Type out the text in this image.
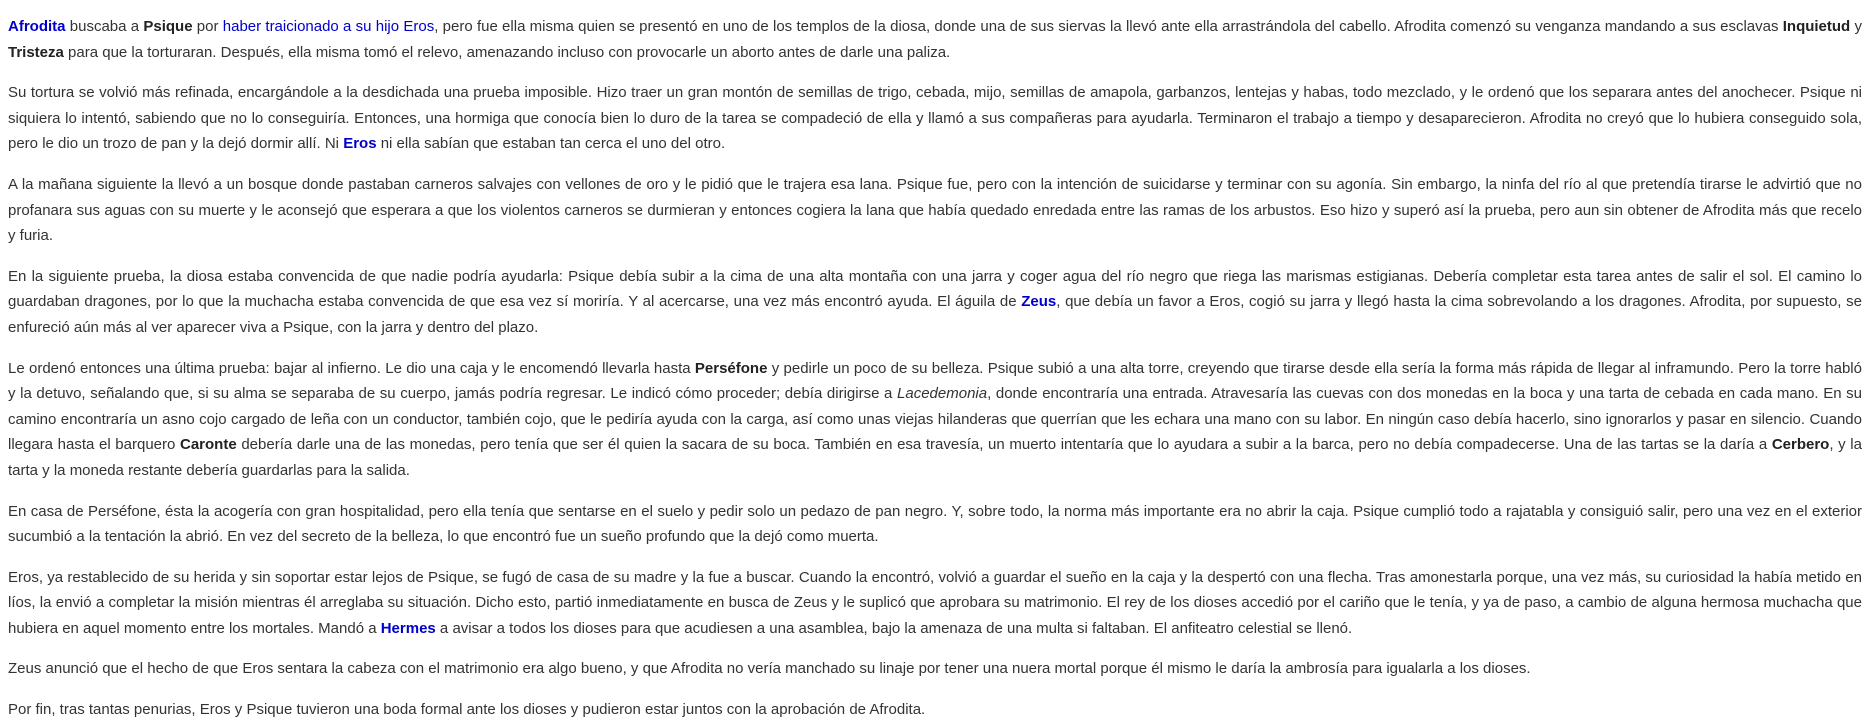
Afrodita buscaba a Psique por haber traicionado a su hijo Eros, pero fue ella misma quien se presentó en uno de los templos de la diosa, donde una de sus siervas la llevó ante ella arrastrándola del cabello. Afrodita comenzó su venganza mandando a sus esclavas Inquietud y Tristeza para que la torturaran. Después, ella misma tomó el relevo, amenazando incluso con provocarle un aborto antes de darle una paliza.

Su tortura se volvió más refinada, encargándole a la desdichada una prueba imposible. Hizo traer un gran montón de semillas de trigo, cebada, mijo, semillas de amapola, garbanzos, lentejas y habas, todo mezclado, y le ordenó que los separara antes del anochecer. Psique ni siquiera lo intentó, sabiendo que no lo conseguiría. Entonces, una hormiga que conocía bien lo duro de la tarea se compadeció de ella y llamó a sus compañeras para ayudarla. Terminaron el trabajo a tiempo y desaparecieron. Afrodita no creyó que lo hubiera conseguido sola, pero le dio un trozo de pan y la dejó dormir allí. Ni Eros ni ella sabían que estaban tan cerca el uno del otro.

A la mañana siguiente la llevó a un bosque donde pastaban carneros salvajes con vellones de oro y le pidió que le trajera esa lana. Psique fue, pero con la intención de suicidarse y terminar con su agonía. Sin embargo, la ninfa del río al que pretendía tirarse le advirtió que no profanara sus aguas con su muerte y le aconsejó que esperara a que los violentos carneros se durmieran y entonces cogiera la lana que había quedado enredada entre las ramas de los arbustos. Eso hizo y superó así la prueba, pero aun sin obtener de Afrodita más que recelo y furia.

En la siguiente prueba, la diosa estaba convencida de que nadie podría ayudarla: Psique debía subir a la cima de una alta montaña con una jarra y coger agua del río negro que riega las marismas estigianas. Debería completar esta tarea antes de salir el sol. El camino lo guardaban dragones, por lo que la muchacha estaba convencida de que esa vez sí moriría. Y al acercarse, una vez más encontró ayuda. El águila de Zeus, que debía un favor a Eros, cogió su jarra y llegó hasta la cima sobrevolando a los dragones. Afrodita, por supuesto, se enfureció aún más al ver aparecer viva a Psique, con la jarra y dentro del plazo.

Le ordenó entonces una última prueba: bajar al infierno. Le dio una caja y le encomendó llevarla hasta Perséfone y pedirle un poco de su belleza. Psique subió a una alta torre, creyendo que tirarse desde ella sería la forma más rápida de llegar al inframundo. Pero la torre habló y la detuvo, señalando que, si su alma se separaba de su cuerpo, jamás podría regresar. Le indicó cómo proceder; debía dirigirse a Lacedemonia, donde encontraría una entrada. Atravesaría las cuevas con dos monedas en la boca y una tarta de cebada en cada mano. En su camino encontraría un asno cojo cargado de leña con un conductor, también cojo, que le pediría ayuda con la carga, así como unas viejas hilanderas que querrían que les echara una mano con su labor. En ningún caso debía hacerlo, sino ignorarlos y pasar en silencio. Cuando llegara hasta el barquero Caronte debería darle una de las monedas, pero tenía que ser él quien la sacara de su boca. También en esa travesía, un muerto intentaría que lo ayudara a subir a la barca, pero no debía compadecerse. Una de las tartas se la daría a Cerbero, y la tarta y la moneda restante debería guardarlas para la salida.

En casa de Perséfone, ésta la acogería con gran hospitalidad, pero ella tenía que sentarse en el suelo y pedir solo un pedazo de pan negro. Y, sobre todo, la norma más importante era no abrir la caja. Psique cumplió todo a rajatabla y consiguió salir, pero una vez en el exterior sucumbió a la tentación la abrió. En vez del secreto de la belleza, lo que encontró fue un sueño profundo que la dejó como muerta.

Eros, ya restablecido de su herida y sin soportar estar lejos de Psique, se fugó de casa de su madre y la fue a buscar. Cuando la encontró, volvió a guardar el sueño en la caja y la despertó con una flecha. Tras amonestarla porque, una vez más, su curiosidad la había metido en líos, la envió a completar la misión mientras él arreglaba su situación. Dicho esto, partió inmediatamente en busca de Zeus y le suplicó que aprobara su matrimonio. El rey de los dioses accedió por el cariño que le tenía, y ya de paso, a cambio de alguna hermosa muchacha que hubiera en aquel momento entre los mortales. Mandó a Hermes a avisar a todos los dioses para que acudiesen a una asamblea, bajo la amenaza de una multa si faltaban. El anfiteatro celestial se llenó.

Zeus anunció que el hecho de que Eros sentara la cabeza con el matrimonio era algo bueno, y que Afrodita no vería manchado su linaje por tener una nuera mortal porque él mismo le daría la ambrosía para igualarla a los dioses.

Por fin, tras tantas penurias, Eros y Psique tuvieron una boda formal ante los dioses y pudieron estar juntos con la aprobación de Afrodita.
